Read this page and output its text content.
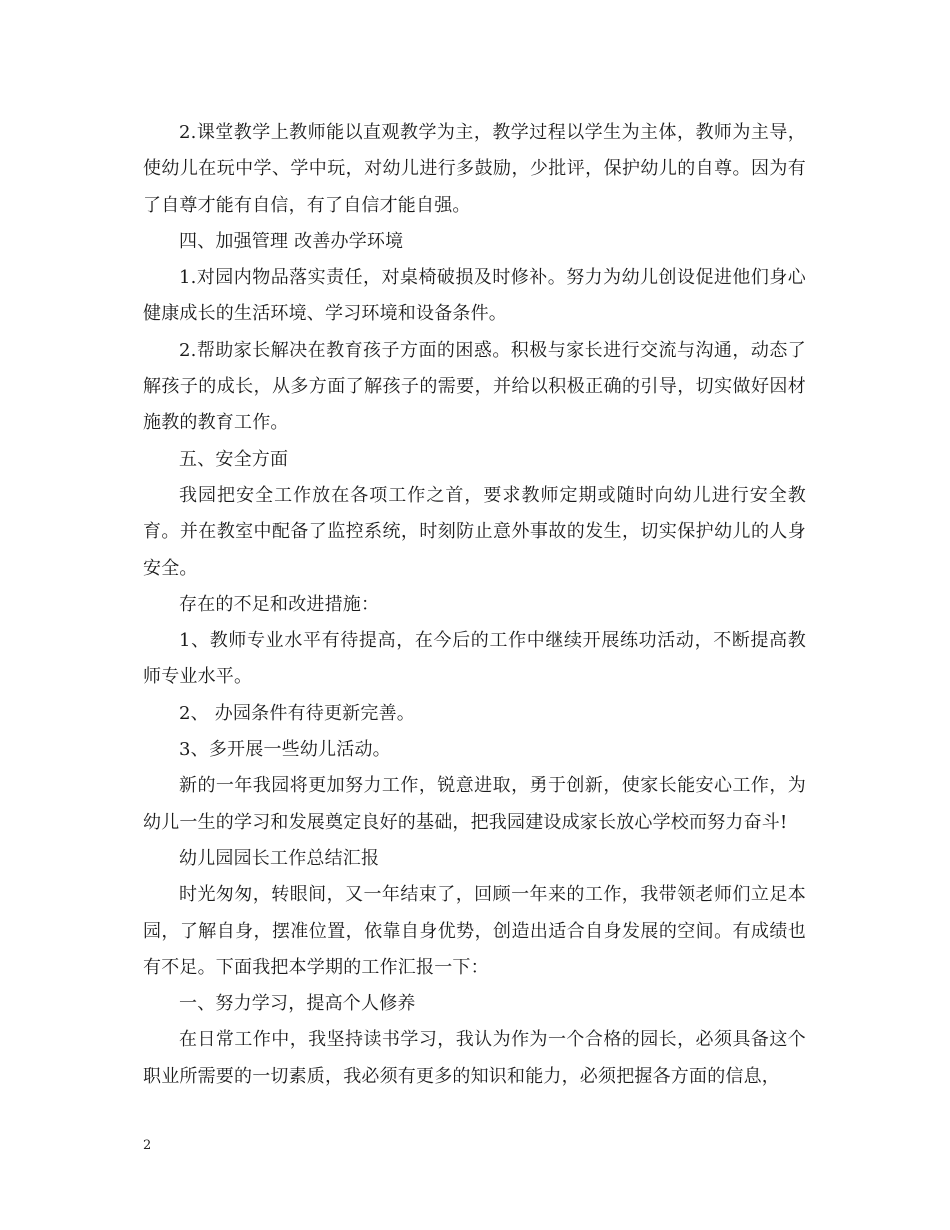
2.课堂教学上教师能以直观教学为主，教学过程以学生为主体，教师为主导，使幼儿在玩中学、学中玩，对幼儿进行多鼓励，少批评，保护幼儿的自尊。因为有了自尊才能有自信，有了自信才能自强。

四、加强管理 改善办学环境

1.对园内物品落实责任，对桌椅破损及时修补。努力为幼儿创设促进他们身心健康成长的生活环境、学习环境和设备条件。

2.帮助家长解决在教育孩子方面的困惑。积极与家长进行交流与沟通，动态了解孩子的成长，从多方面了解孩子的需要，并给以积极正确的引导，切实做好因材施教的教育工作。

五、安全方面

我园把安全工作放在各项工作之首，要求教师定期或随时向幼儿进行安全教育。并在教室中配备了监控系统，时刻防止意外事故的发生，切实保护幼儿的人身安全。

存在的不足和改进措施：

1、教师专业水平有待提高，在今后的工作中继续开展练功活动，不断提高教师专业水平。

2、 办园条件有待更新完善。

3、多开展一些幼儿活动。

新的一年我园将更加努力工作，锐意进取，勇于创新，使家长能安心工作，为幼儿一生的学习和发展奠定良好的基础，把我园建设成家长放心学校而努力奋斗!

幼儿园园长工作总结汇报

时光匆匆，转眼间，又一年结束了，回顾一年来的工作，我带领老师们立足本园，了解自身，摆准位置，依靠自身优势，创造出适合自身发展的空间。有成绩也有不足。下面我把本学期的工作汇报一下：

一、努力学习，提高个人修养

在日常工作中，我坚持读书学习，我认为作为一个合格的园长，必须具备这个职业所需要的一切素质，我必须有更多的知识和能力，必须把握各方面的信息，

2
